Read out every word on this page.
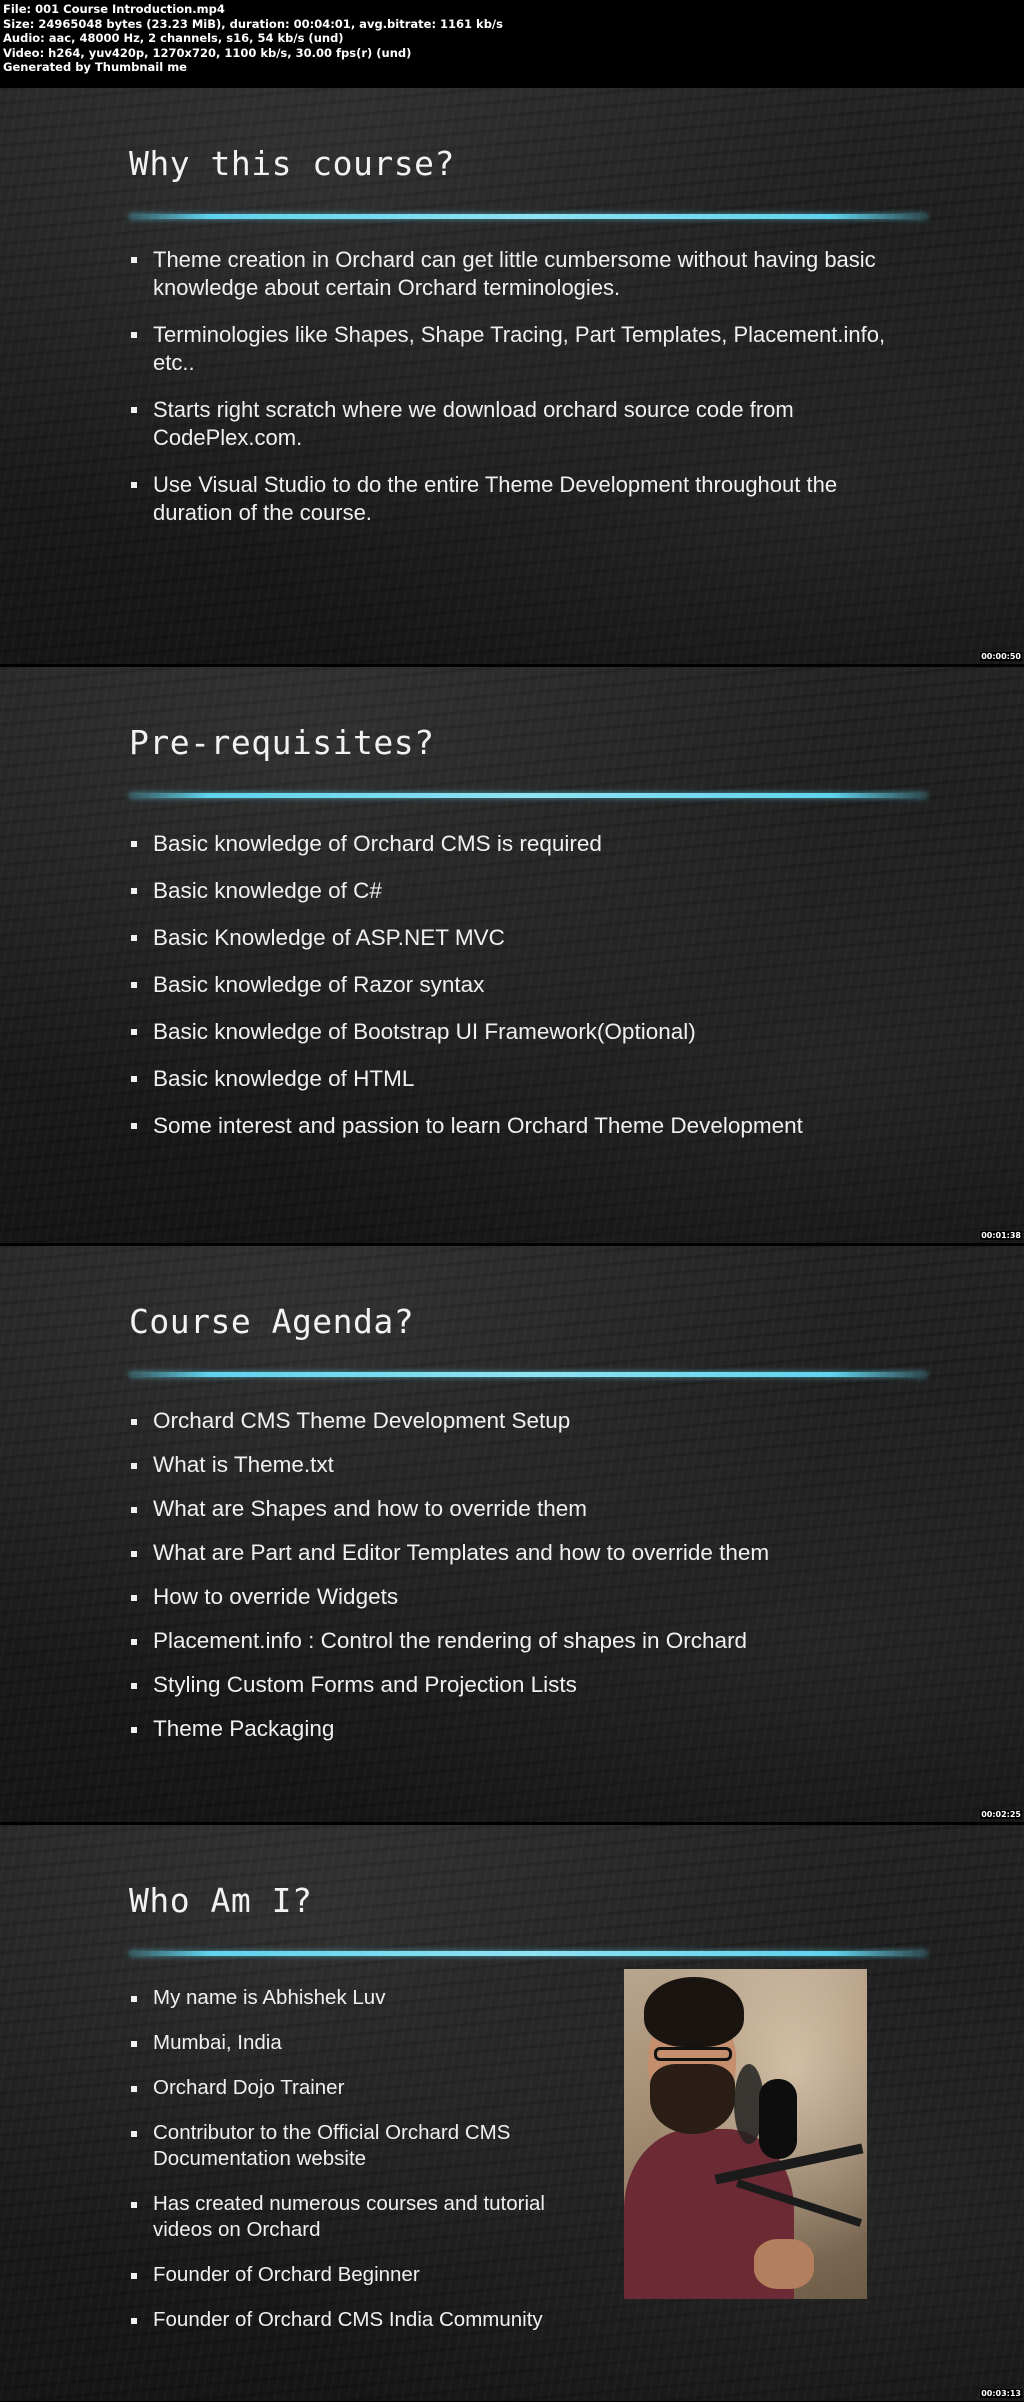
File: 001 Course Introduction.mp4
Size: 24965048 bytes (23.23 MiB), duration: 00:04:01, avg.bitrate: 1161 kb/s
Audio: aac, 48000 Hz, 2 channels, s16, 54 kb/s (und)
Video: h264, yuv420p, 1270x720, 1100 kb/s, 30.00 fps(r) (und)
Generated by Thumbnail me
Why this course?
Theme creation in Orchard can get little cumbersome without having basic knowledge about certain Orchard terminologies.
Terminologies like Shapes, Shape Tracing, Part Templates, Placement.info, etc..
Starts right scratch where we download orchard source code from CodePlex.com.
Use Visual Studio to do the entire Theme Development throughout the duration of the course.
00:00:50
Pre-requisites?
Basic knowledge of Orchard CMS is required
Basic knowledge of C#
Basic Knowledge of ASP.NET MVC
Basic knowledge of Razor syntax
Basic knowledge of Bootstrap UI Framework(Optional)
Basic knowledge of HTML
Some interest and passion to learn Orchard Theme Development
00:01:38
Course Agenda?
Orchard CMS Theme Development Setup
What is Theme.txt
What are Shapes and how to override them
What are Part and Editor Templates and how to override them
How to override Widgets
Placement.info : Control the rendering of shapes in Orchard
Styling Custom Forms and Projection Lists
Theme Packaging
00:02:25
Who Am I?
My name is Abhishek Luv
Mumbai, India
Orchard Dojo Trainer
Contributor to the Official Orchard CMS Documentation website
Has created numerous courses and tutorial videos on Orchard
Founder of Orchard Beginner
Founder of Orchard CMS India Community
00:03:13
